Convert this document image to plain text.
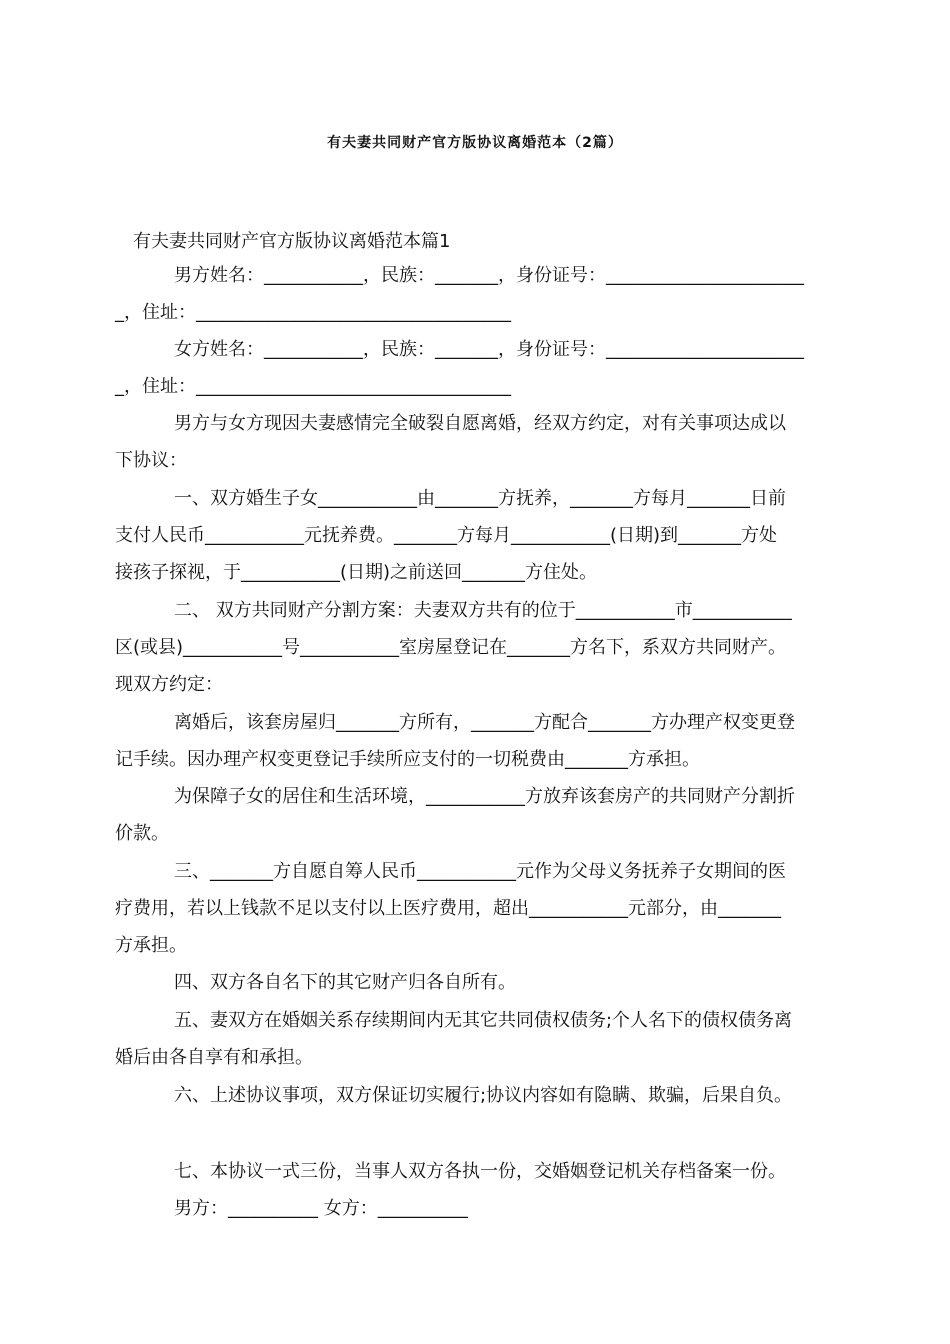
有夫妻共同财产官方版协议离婚范本（2篇）
有夫妻共同财产官方版协议离婚范本篇1
男方姓名：___________，民族：_______，身份证号：______________________
_，住址：___________________________________
女方姓名：___________，民族：_______，身份证号：______________________
_，住址：___________________________________
男方与女方现因夫妻感情完全破裂自愿离婚，经双方约定，对有关事项达成以
下协议：
一、双方婚生子女___________由_______方抚养，_______方每月_______日前
支付人民币___________元抚养费。_______方每月___________(日期)到_______方处
接孩子探视，于___________(日期)之前送回_______方住处。
二、 双方共同财产分割方案：夫妻双方共有的位于___________市___________
区(或县)___________号___________室房屋登记在_______方名下，系双方共同财产。
现双方约定：
离婚后，该套房屋归_______方所有，_______方配合_______方办理产权变更登
记手续。因办理产权变更登记手续所应支付的一切税费由_______方承担。
为保障子女的居住和生活环境，___________方放弃该套房产的共同财产分割折
价款。
三、_______方自愿自筹人民币___________元作为父母义务抚养子女期间的医
疗费用，若以上钱款不足以支付以上医疗费用，超出___________元部分，由_______
方承担。
四、双方各自名下的其它财产归各自所有。
五、妻双方在婚姻关系存续期间内无其它共同债权债务;个人名下的债权债务离
婚后由各自享有和承担。
六、上述协议事项，双方保证切实履行;协议内容如有隐瞒、欺骗，后果自负。
七、本协议一式三份，当事人双方各执一份，交婚姻登记机关存档备案一份。
男方：__________ 女方：__________
